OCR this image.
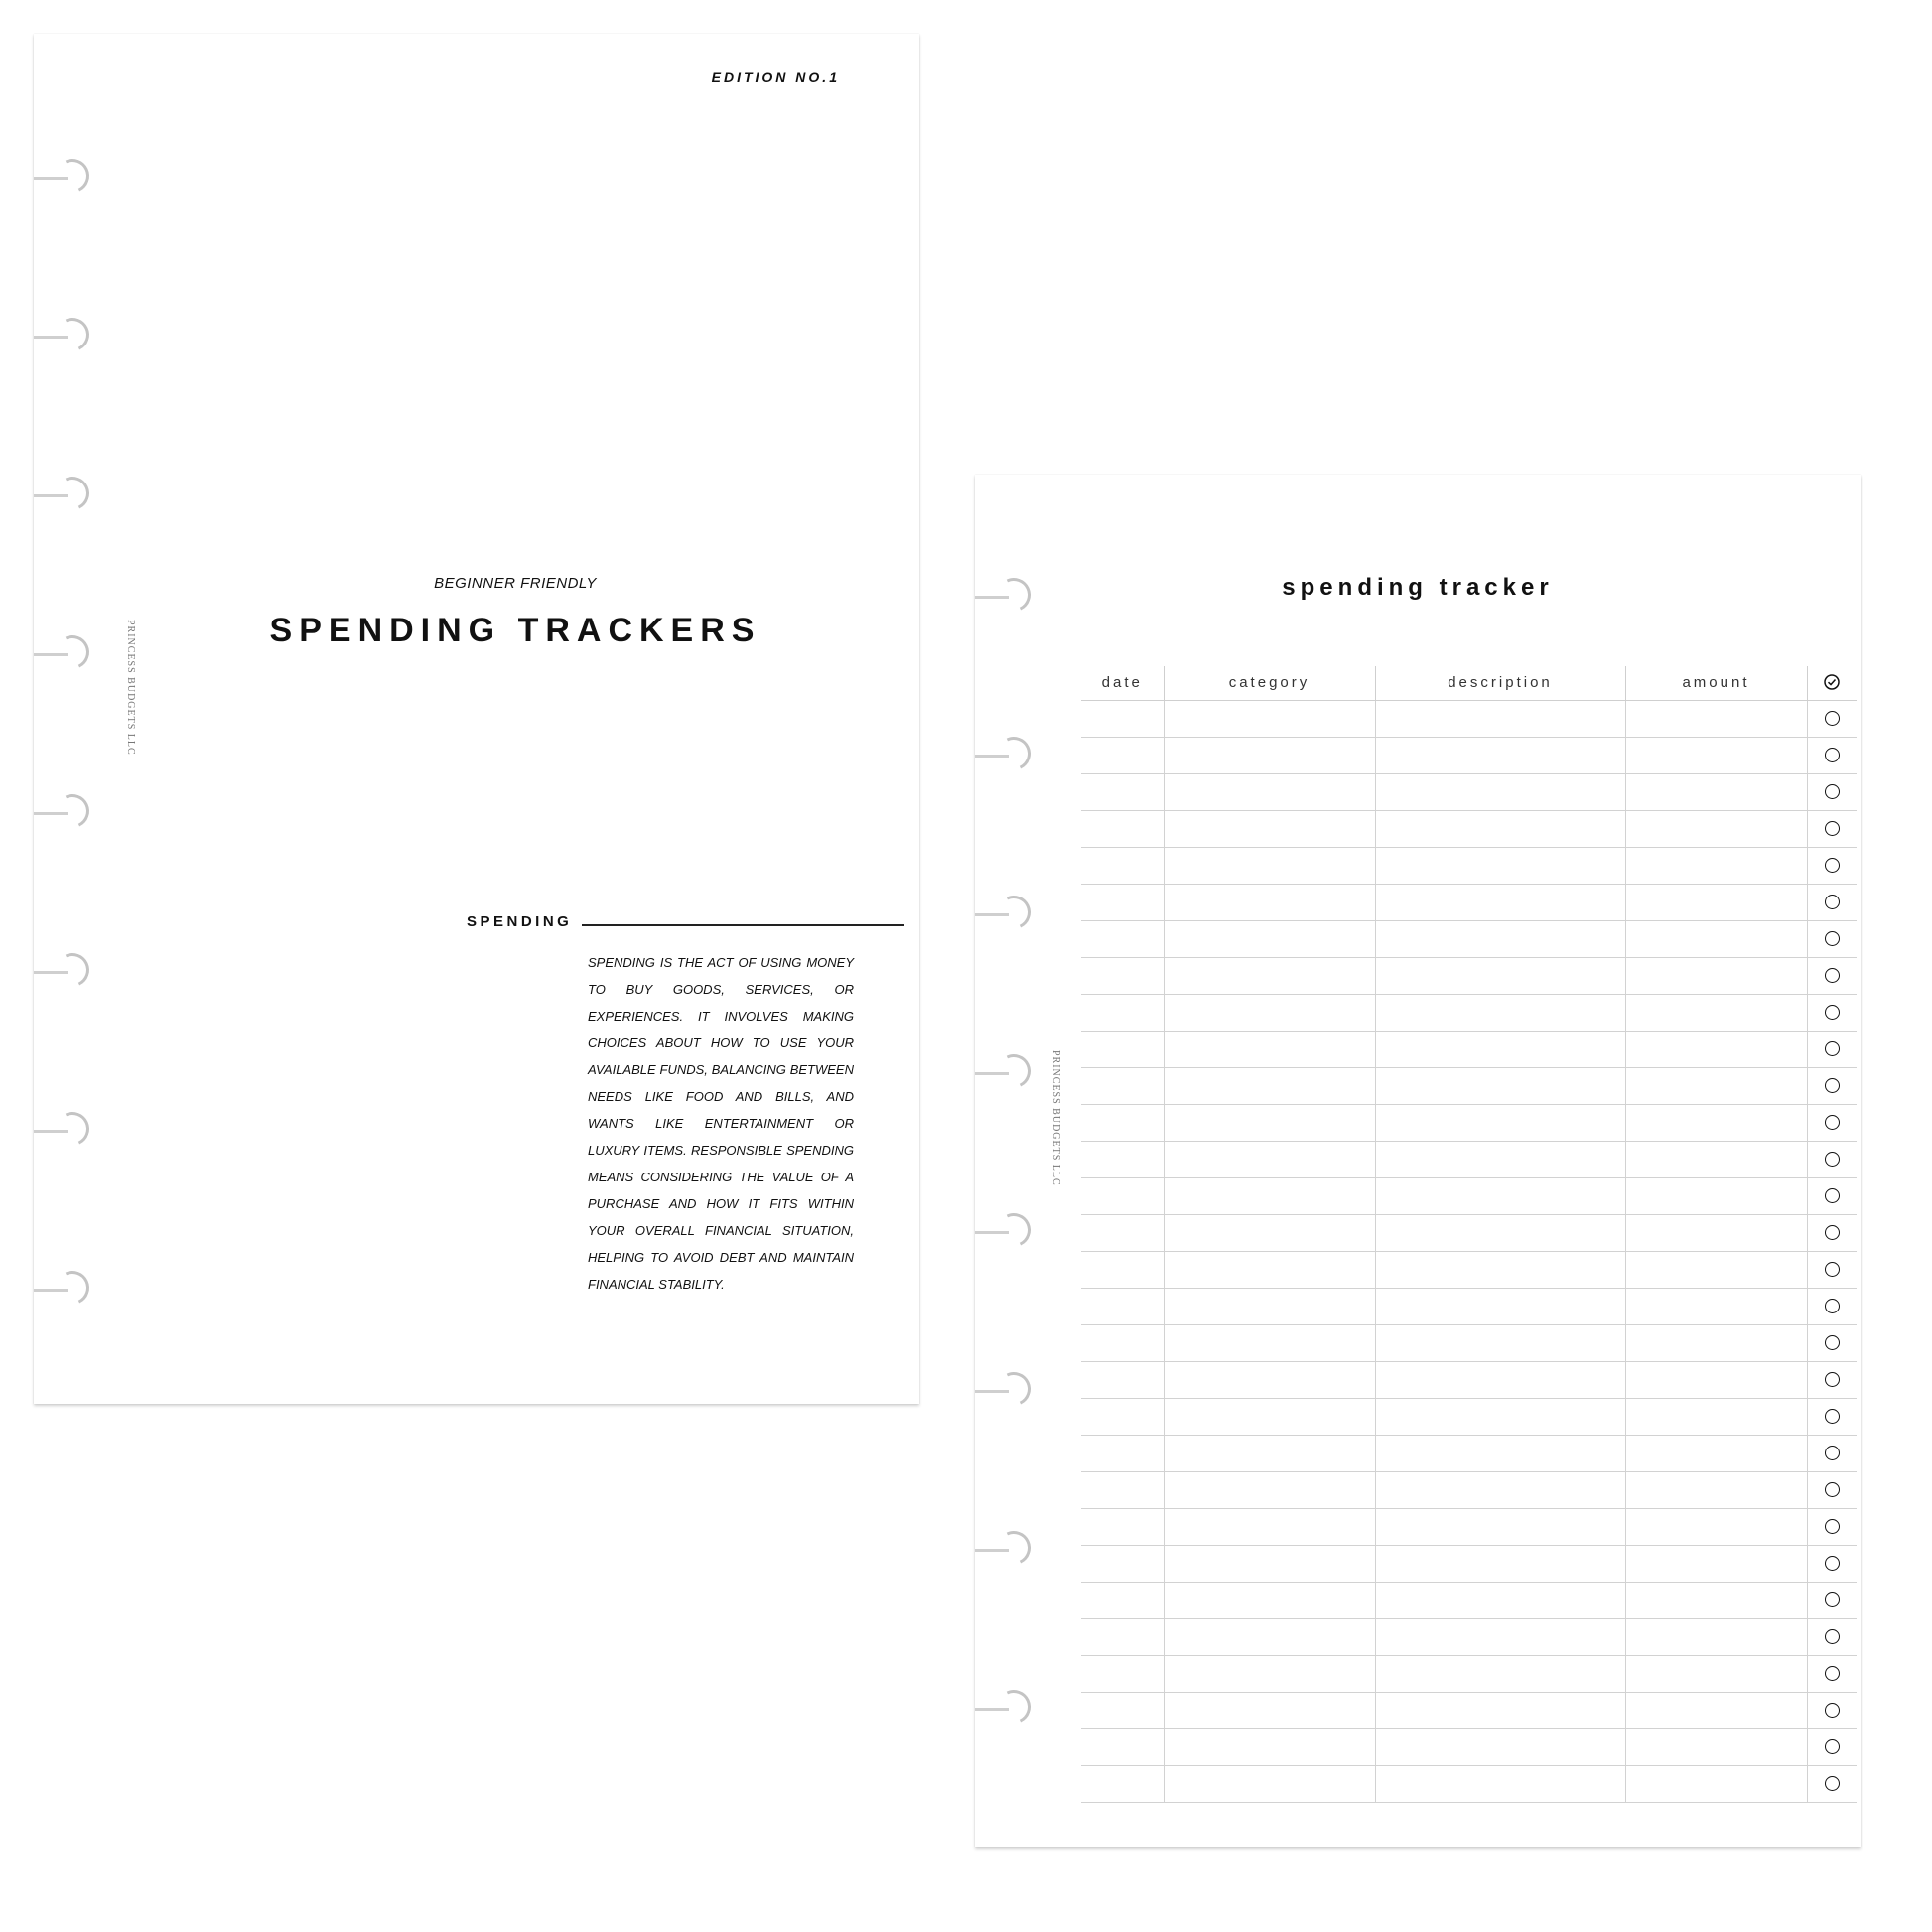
PRINCESS BUDGETS LLC
EDITION NO.1
BEGINNER FRIENDLY
SPENDING TRACKERS
SPENDING
SPENDING IS THE ACT OF USING MONEY TO BUY GOODS, SERVICES, OR EXPERIENCES. IT INVOLVES MAKING CHOICES ABOUT HOW TO USE YOUR AVAILABLE FUNDS, BALANCING BETWEEN NEEDS LIKE FOOD AND BILLS, AND WANTS LIKE ENTERTAINMENT OR LUXURY ITEMS. RESPONSIBLE SPENDING MEANS CONSIDERING THE VALUE OF A PURCHASE AND HOW IT FITS WITHIN YOUR OVERALL FINANCIAL SITUATION, HELPING TO AVOID DEBT AND MAINTAIN FINANCIAL STABILITY.
PRINCESS BUDGETS LLC
spending tracker
date	category	description	amount	
